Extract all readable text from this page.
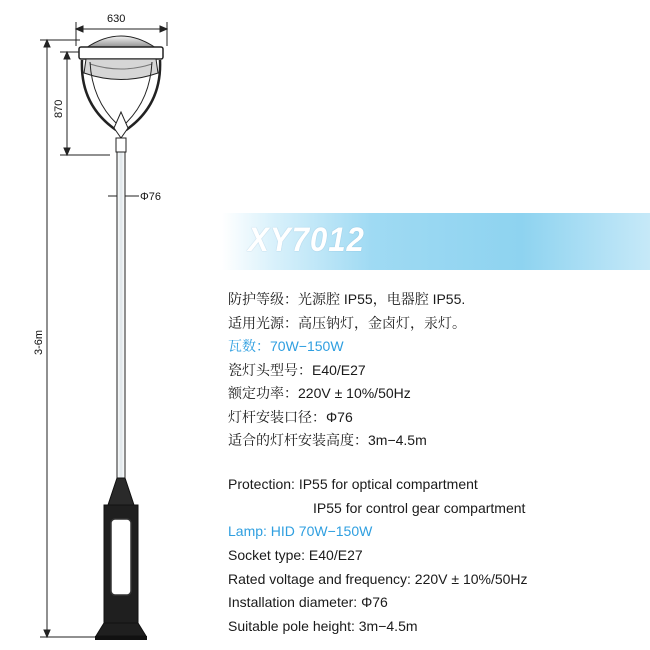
630
870
3-6m
Φ76
XY7012
防护等级：光源腔 IP55，电器腔 IP55.
适用光源：高压钠灯，金卤灯，汞灯。
瓦数：70W−150W
瓷灯头型号：E40/E27
额定功率：220V ± 10%/50Hz
灯杆安装口径：Φ76
适合的灯杆安装高度：3m−4.5m
Protection: IP55 for optical compartment
IP55 for control gear compartment
Lamp: HID 70W−150W
Socket type: E40/E27
Rated voltage and frequency: 220V ± 10%/50Hz
Installation diameter: Φ76
Suitable pole height: 3m−4.5m
